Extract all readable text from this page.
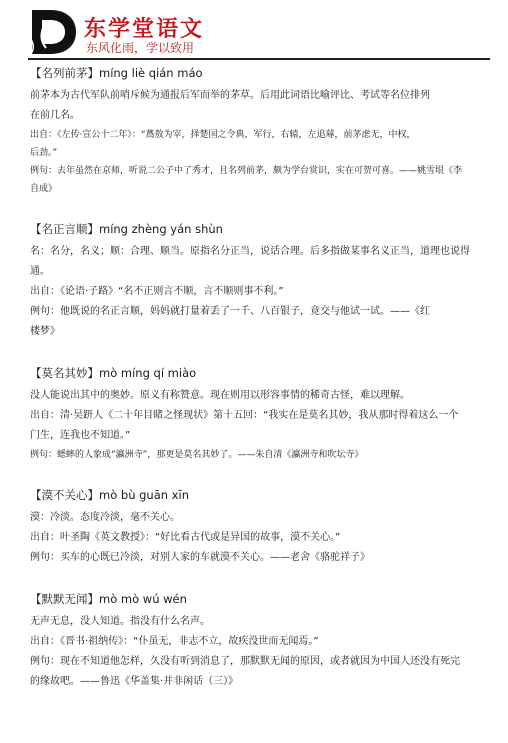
东学堂语文
东风化雨，学以致用
【名列前茅】míng liè qián máo
前茅本为古代军队前哨斥候为通报后军而举的茅草。后用此词语比喻评比、考试等名位排列
在前几名。
出自：《左传·宣公十二年》：“蔿敖为宰，择楚国之令典，军行，右辕，左追蓐，前茅虑无，中权，
后劲。”
例句：去年虽然在京师，听说二公子中了秀才，且名列前茅，颇为学台赏识，实在可贺可喜。——姚雪垠《李
自成》
【名正言顺】míng zhèng yán shùn
名：名分，名义；顺：合理、顺当。原指名分正当，说话合理。后多指做某事名义正当，道理也说得
通。
出自：《论语·子路》“名不正则言不顺，言不顺则事不利。”
例句：他既说的名正言顺，妈妈就打量着丢了一千、八百银子，竟交与他试一试。——《红
楼梦》
【莫名其妙】mò míng qí miào
没人能说出其中的奥妙。原义有称赞意。现在则用以形容事情的稀奇古怪，难以理解。
出自：清·吴趼人《二十年目睹之怪现状》第十五回：“我实在是莫名其妙，我从那时得着这么一个
门生，连我也不知道。”
例句：蟋蟀的人象成“瀛洲寺”，那更是莫名其妙了。——朱自清《瀛洲寺和吹坛寺》
【漠不关心】mò bù guān xīn
漠：冷淡。态度冷淡，毫不关心。
出自：叶圣陶《英文教授》：“好比看古代或是异国的故事，漠不关心。”
例句：买车的心既已冷淡，对别人家的车就漠不关心。——老舍《骆驼祥子》
【默默无闻】mò mò wú wén
无声无息，没人知道。指没有什么名声。
出自：《晋书·祖纳传》：“仆虽无，非志不立，故疾没世而无闻焉。”
例句：现在不知道他怎样，久没有听到消息了，那默默无闻的原因，或者就因为中国人还没有死完
的缘故吧。——鲁迅《华盖集·并非闲话（三）》
